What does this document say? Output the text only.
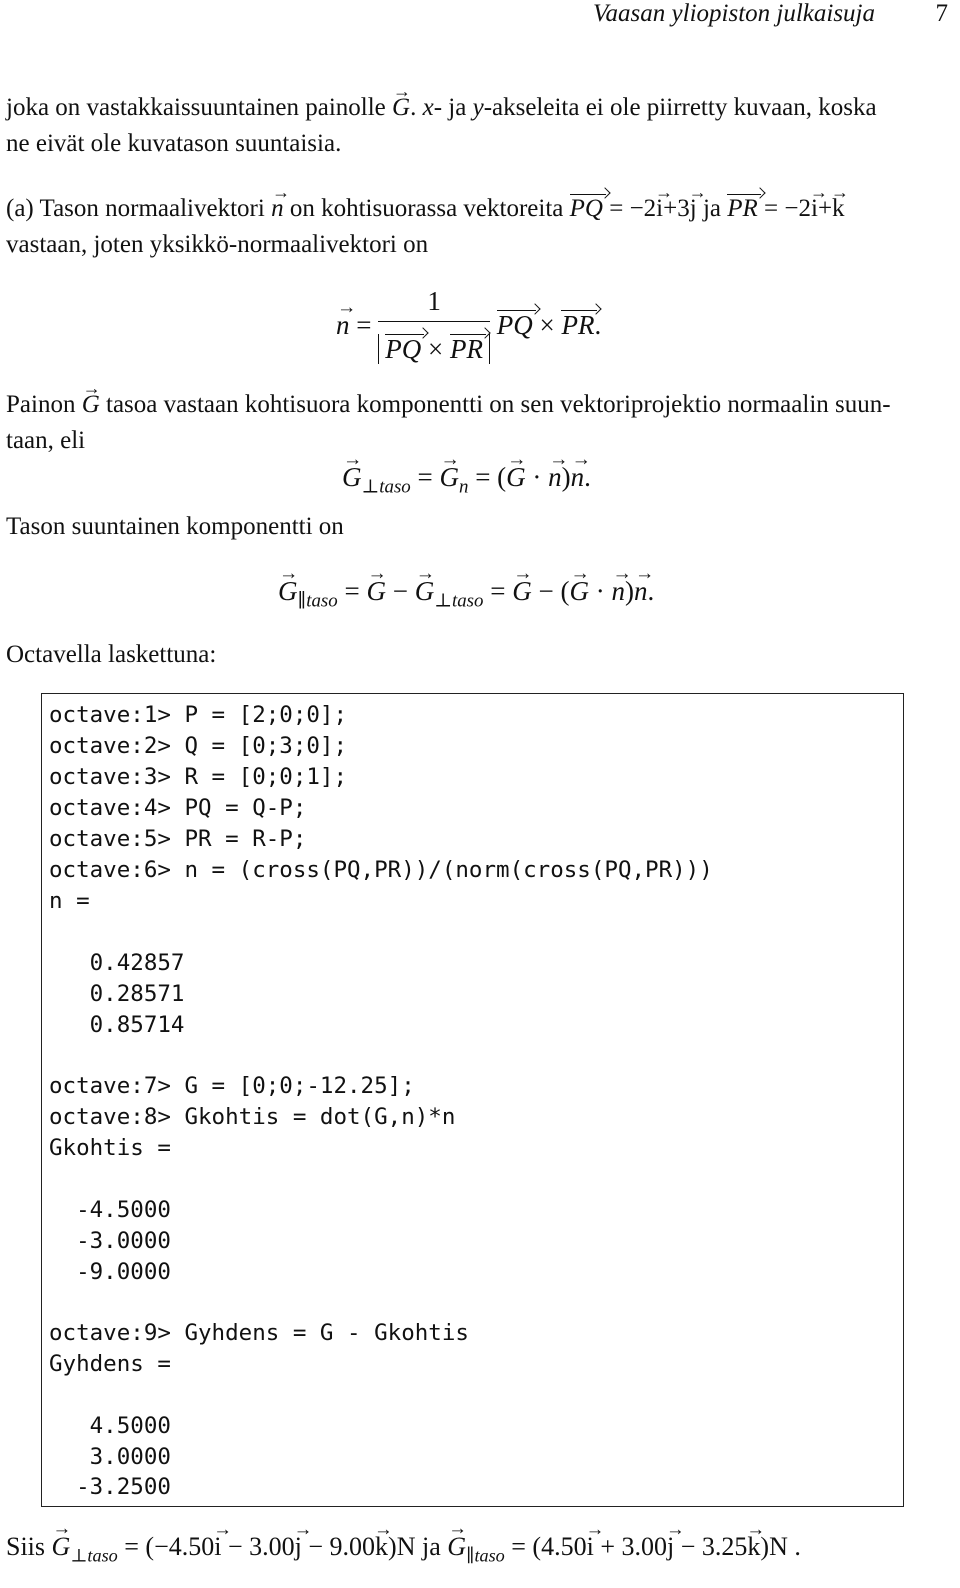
Vaasan yliopiston julkaisuja 7
joka on vastakkaissuuntainen painolle → G. x- ja y-akseleita ei ole piirretty kuvaan, koska
ne eivät ole kuvatason suuntaisia.
(a) Tason normaalivektori → n on kohtisuorassa vektoreita PQ = −2→ i+3→ j ja PR = −2→ i+→ k
vastaan, joten yksikkö-normaalivektori on
→ $n = \frac{1}{PQ \times PR}$ PQ × PR.
Painon → G tasoa vastaan kohtisuora komponentti on sen vektoriprojektio normaalin suun-
taan, eli
→ $G_{\perp taso}$ = → $G_n$ = (→ G · → n)→ n.
Tason suuntainen komponentti on
→ $G_{\parallel taso}$ = → G − → $G_{\perp taso}$ = → G − (→ G · → n)→ n.
Octavella laskettuna:
octave:1> P = [2;0;0];
octave:2> Q = [0;3;0];
octave:3> R = [0;0;1];
octave:4> PQ = Q-P;
octave:5> PR = R-P;
octave:6> n = (cross(PQ,PR))/(norm(cross(PQ,PR)))
n =
0.42857
0.28571
0.85714
octave:7> G = [0;0;-12.25];
octave:8> Gkohtis = dot(G,n)*n
Gkohtis =
-4.5000
-3.0000
-9.0000
octave:9> Gyhdens = G - Gkohtis
Gyhdens =
4.5000
3.0000
-3.2500
Siis → $G_{\perp taso} = (-4.50\to i - 3.00\to j - 9.00\to k)N$ ja → $G_{\parallel taso} = (4.50\to i + 3.00\to j - 3.25\to k)N$ .
